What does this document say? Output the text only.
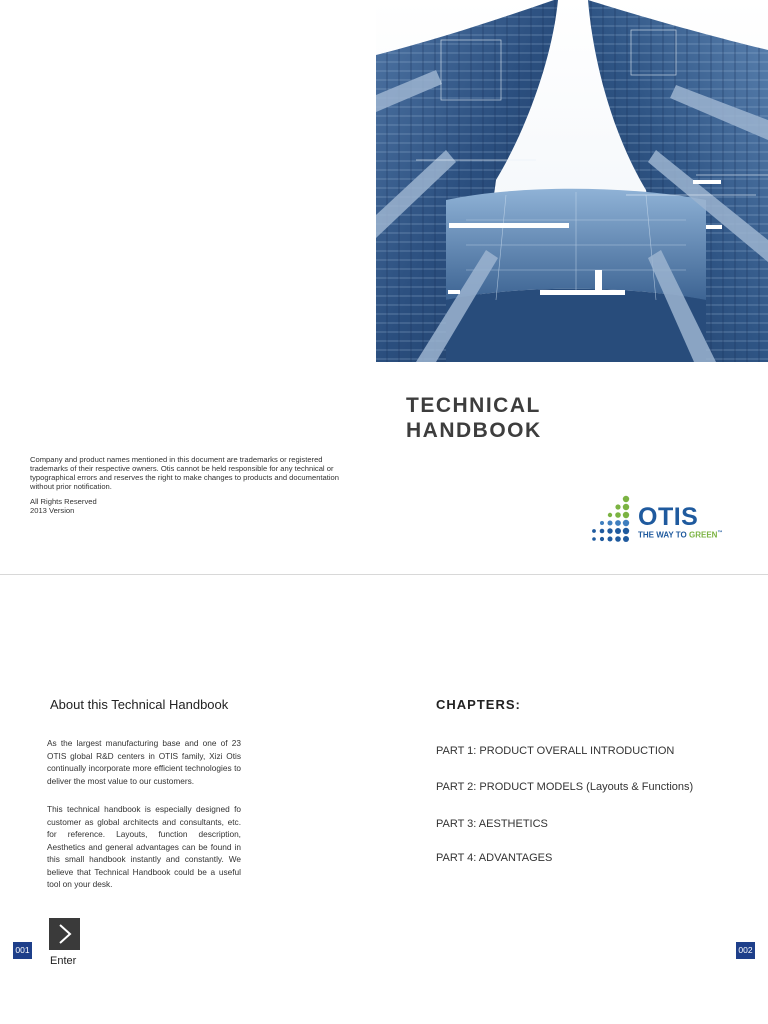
TECHNICAL
HANDBOOK
Company and product names mentioned in this document are trademarks or registered trademarks of their respective owners. Otis cannot be held responsible for any technical or typographical errors and reserves the right to make changes to products and documentation without prior notification.
All Rights Reserved
2013 Version	OTIS
THE WAY TO GREEN™
About this Technical Handbook
As the largest manufacturing base and one of 23 OTIS global R&D centers in OTIS family, Xizi Otis continually incorporate more efficient technologies to deliver the most value to our customers.
This technical handbook is especially designed fo customer as global architects and consultants, etc. for reference. Layouts, function description, Aesthetics and general advantages can be found in this small handbook instantly and constantly. We believe that Technical Handbook could be a useful tool on your desk.
CHAPTERS:
PART 1: PRODUCT OVERALL INTRODUCTION
PART 2: PRODUCT MODELS (Layouts & Functions)
PART 3: AESTHETICS
PART 4: ADVANTAGES
Enter
001	002
